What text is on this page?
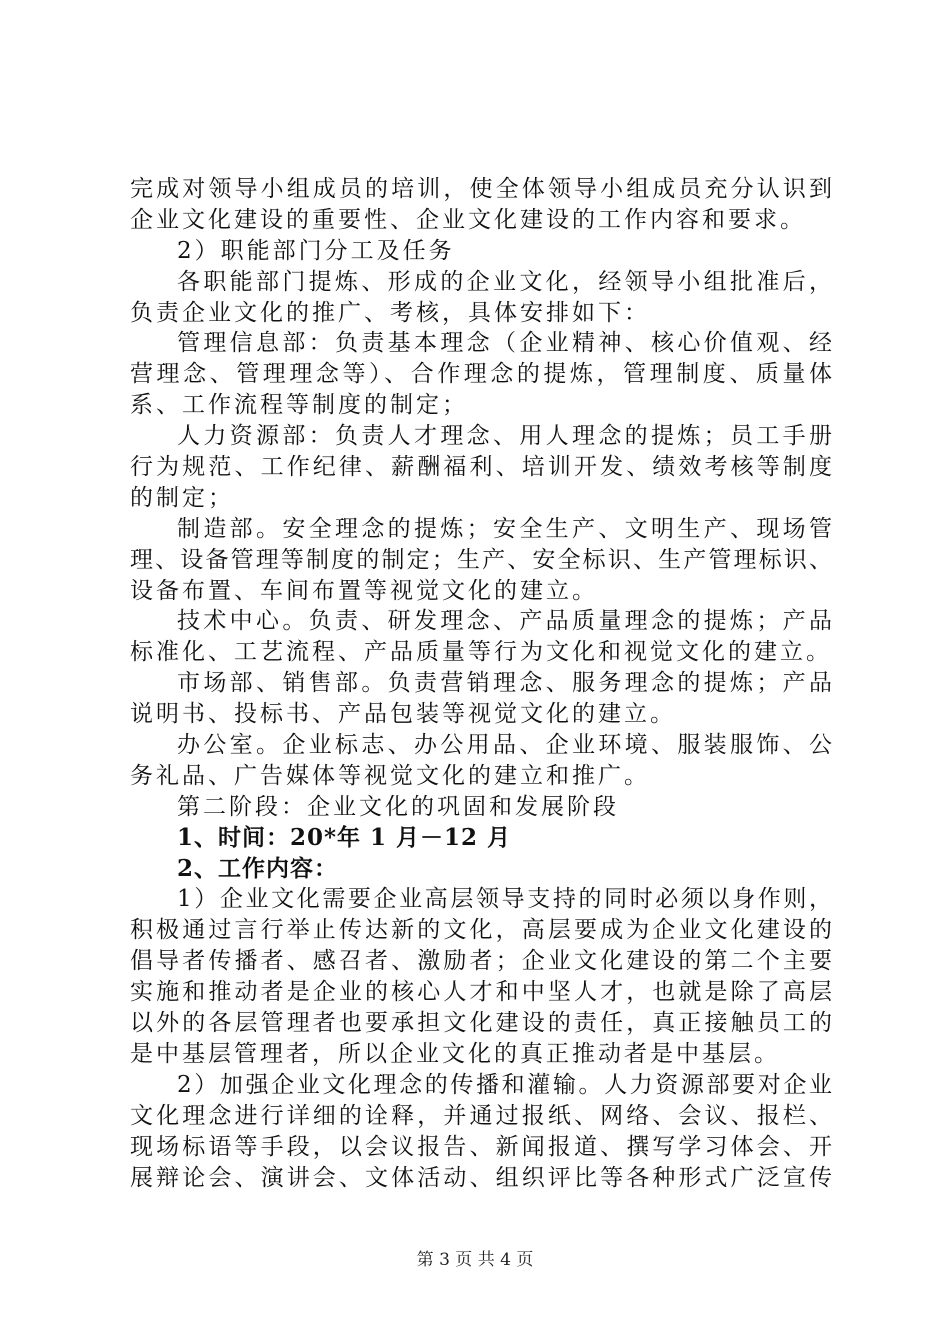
完成对领导小组成员的培训，使全体领导小组成员充分认识到
企业文化建设的重要性、企业文化建设的工作内容和要求。
2）职能部门分工及任务
各职能部门提炼、形成的企业文化，经领导小组批准后，
负责企业文化的推广、考核，具体安排如下：
管理信息部：负责基本理念（企业精神、核心价值观、经
营理念、管理理念等）、合作理念的提炼，管理制度、质量体
系、工作流程等制度的制定；
人力资源部：负责人才理念、用人理念的提炼；员工手册
行为规范、工作纪律、薪酬福利、培训开发、绩效考核等制度
的制定；
制造部。安全理念的提炼；安全生产、文明生产、现场管
理、设备管理等制度的制定；生产、安全标识、生产管理标识、
设备布置、车间布置等视觉文化的建立。
技术中心。负责、研发理念、产品质量理念的提炼；产品
标准化、工艺流程、产品质量等行为文化和视觉文化的建立。
市场部、销售部。负责营销理念、服务理念的提炼；产品
说明书、投标书、产品包装等视觉文化的建立。
办公室。企业标志、办公用品、企业环境、服装服饰、公
务礼品、广告媒体等视觉文化的建立和推广。
第二阶段：企业文化的巩固和发展阶段
1、时间：20*年 1 月－12 月
2、工作内容：
1）企业文化需要企业高层领导支持的同时必须以身作则，
积极通过言行举止传达新的文化，高层要成为企业文化建设的
倡导者传播者、感召者、激励者；企业文化建设的第二个主要
实施和推动者是企业的核心人才和中坚人才，也就是除了高层
以外的各层管理者也要承担文化建设的责任，真正接触员工的
是中基层管理者，所以企业文化的真正推动者是中基层。
2）加强企业文化理念的传播和灌输。人力资源部要对企业
文化理念进行详细的诠释，并通过报纸、网络、会议、报栏、
现场标语等手段，以会议报告、新闻报道、撰写学习体会、开
展辩论会、演讲会、文体活动、组织评比等各种形式广泛宣传
第 3 页 共 4 页
